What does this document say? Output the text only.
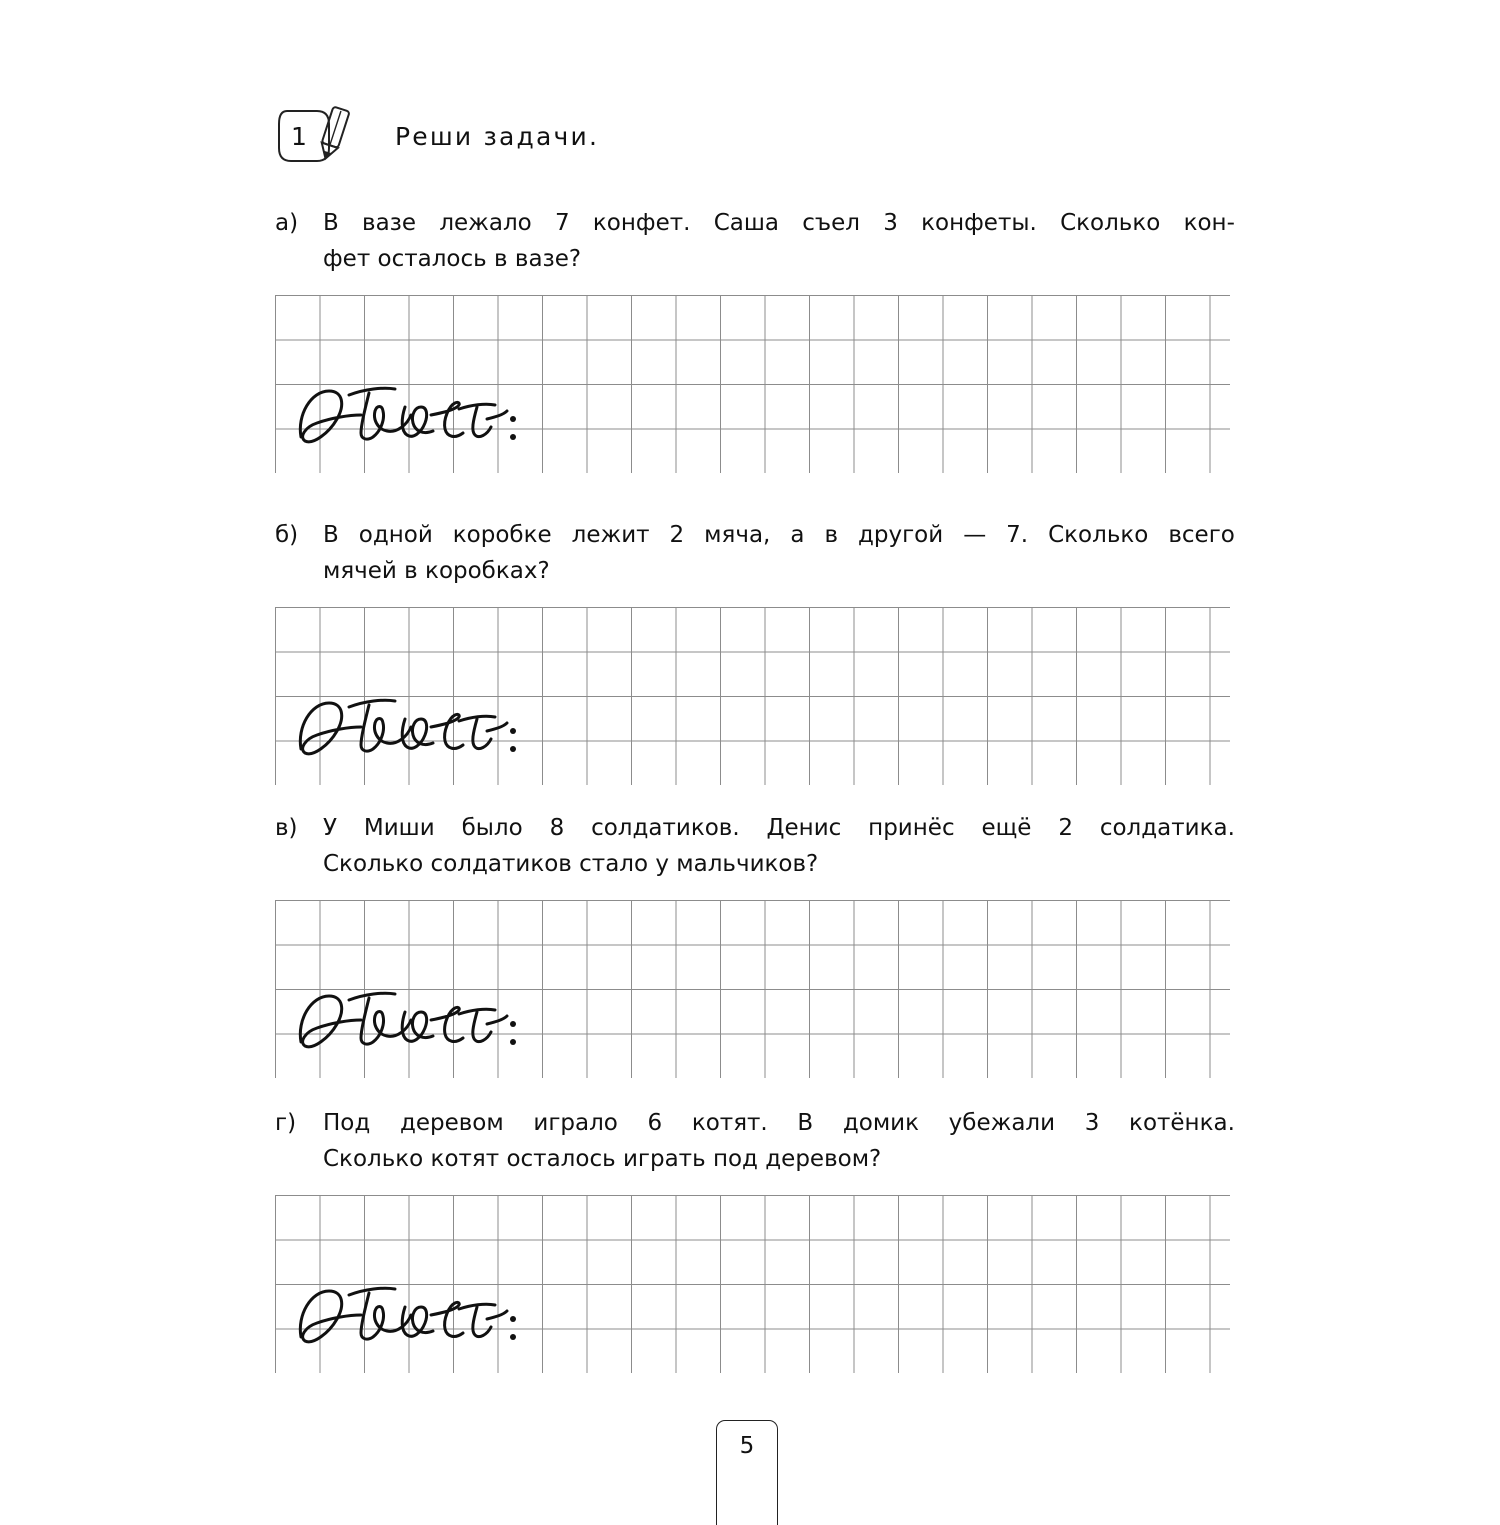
1	Реши задачи.
а)	В вазе лежало 7 конфет. Саша съел 3 конфеты. Сколько кон-
фет осталось в вазе?
б)	В одной коробке лежит 2 мяча, а в другой — 7. Сколько всего
мячей в коробках?
в)	У Миши было 8 солдатиков. Денис принёс ещё 2 солдатика.
Сколько солдатиков стало у мальчиков?
г)	Под деревом играло 6 котят. В домик убежали 3 котёнка.
Сколько котят осталось играть под деревом?
5
